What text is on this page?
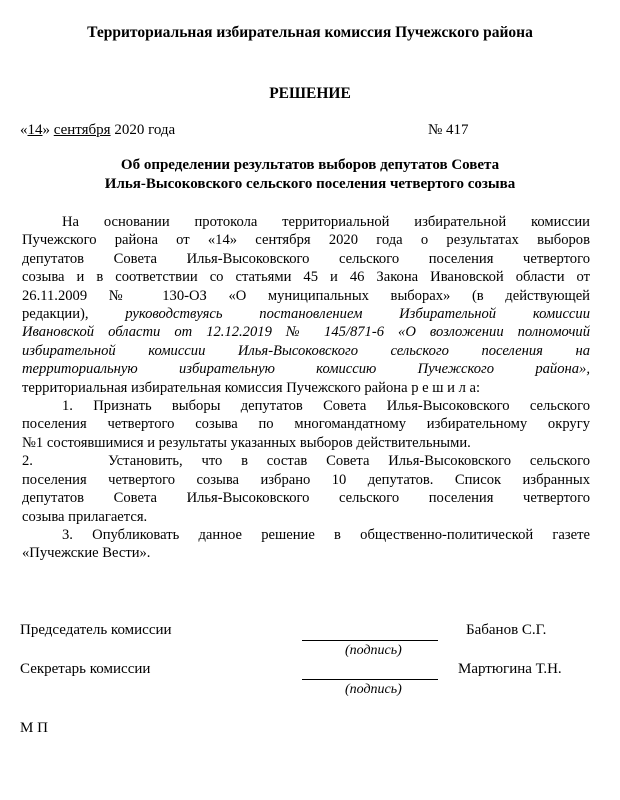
Территориальная избирательная комиссия Пучежского района
РЕШЕНИЕ
«14» сентября 2020 года	№ 417
Об определении результатов выборов депутатов Совета
Илья-Высоковского сельского поселения четвертого созыва

На основании протокола территориальной избирательной комиссии

Пучежского района от «14» сентября 2020 года о результатах выборов

депутатов Совета Илья-Высоковского сельского поселения четвертого

созыва и в соответствии со статьями 45 и 46 Закона Ивановской области от

26.11.2009 № 130-ОЗ «О муниципальных выборах» (в действующей

редакции),	руководствуясь постановлением Избирательной комиссии

Ивановской области от 12.12.2019 № 145/871-6 «О возложении полномочий

избирательной комиссии Илья-Высоковского сельского поселения на

территориальную избирательную комиссию Пучежского района»,

территориальная избирательная комиссия Пучежского района р е ш и л а:

1. Признать выборы депутатов Совета Илья-Высоковского сельского

поселения четвертого созыва по многомандатному избирательному округу

№1 состоявшимися и результаты указанных выборов действительными.

2.    Установить, что в состав Совета Илья-Высоковского сельского

поселения четвертого созыва избрано 10 депутатов. Список избранных

депутатов Совета Илья-Высоковского сельского поселения четвертого

созыва прилагается.

3. Опубликовать данное решение в общественно-политической газете

«Пучежские Вести».

Председатель комиссии
(подпись)
Бабанов С.Г.
Секретарь комиссии
(подпись)
Мартюгина Т.Н.
М П
